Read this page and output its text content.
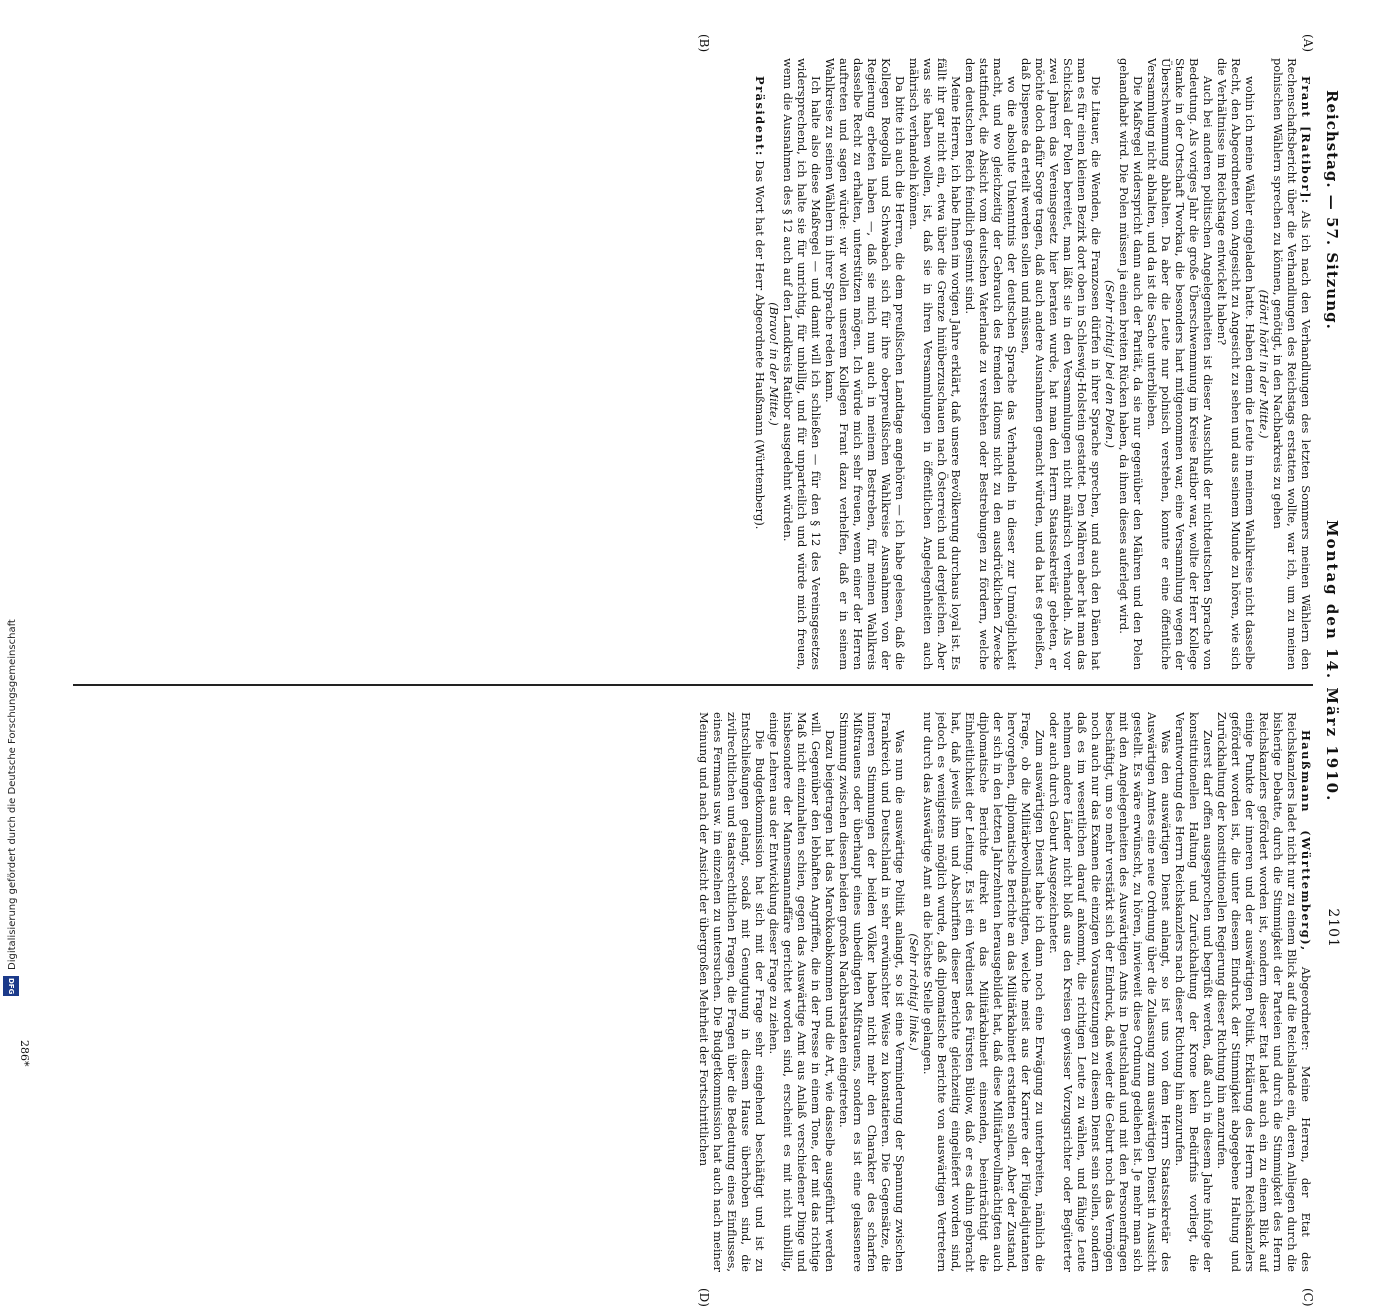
Digitalisierung gefördert durch die Deutsche Forschungsgemeinschaft
DFG
Reichstag. — 57. Sitzung.
Montag den 14. März 1910.
2101
(A)
(B)
(C)
(D)

Frant [Ratibor]: Als ich nach den Verhandlungen des letzten Sommers meinen Wählern den Rechenschaftsbericht über die Verhandlungen des Reichstags erstatten wollte, war ich, um zu meinen polnischen Wählern sprechen zu können, genötigt, in den Nachbarkreis zu gehen

(Hört! hört! in der Mitte.)

wohin ich meine Wähler eingeladen hatte. Haben denn die Leute in meinem Wahlkreise nicht dasselbe Recht, den Abgeordneten von Angesicht zu Angesicht zu sehen und aus seinem Munde zu hören, wie sich die Verhältnisse im Reichstage entwickelt haben?

Auch bei anderen politischen Angelegenheiten ist dieser Ausschluß der nichtdeutschen Sprache von Bedeutung. Als voriges Jahr die große Überschwemmung im Kreise Ratibor war, wollte der Herr Kollege Stanke in der Ortschaft Tworkau, die besonders hart mitgenommen war, eine Versammlung wegen der Überschwemmung abhalten. Da aber die Leute nur polnisch verstehen, konnte er eine öffentliche Versammlung nicht abhalten, und da ist die Sache unterblieben.

Die Maßregel widerspricht dann auch der Parität, da sie nur gegenüber den Mähren und den Polen gehandhabt wird. Die Polen müssen ja einen breiten Rücken haben, da ihnen dieses auferlegt wird.

(Sehr richtig! bei den Polen.)

Die Litauer, die Wenden, die Franzosen dürfen in ihrer Sprache sprechen, und auch den Dänen hat man es für einen kleinen Bezirk dort oben in Schleswig-Holstein gestattet. Den Mähren aber hat man das Schicksal der Polen bereitet, man läßt sie in den Versammlungen nicht mährisch verhandeln. Als vor zwei Jahren das Vereinsgesetz hier beraten wurde, hat man den Herrn Staatssekretär gebeten, er möchte doch dafür Sorge tragen, daß auch andere Ausnahmen gemacht würden, und da hat es geheißen, daß Dispense da erteilt werden sollen und müssen,

wo die absolute Unkenntnis der deutschen Sprache das Verhandeln in dieser zur Unmöglichkeit macht, und wo gleichzeitig der Gebrauch des fremden Idioms nicht zu den ausdrücklichen Zwecke stattfindet, die Absicht vom deutschen Vaterlande zu verstehen oder Bestrebungen zu fördern, welche dem deutschen Reich feindlich gesinnt sind.

Meine Herren, ich habe Ihnen im vorigen Jahre erklärt, daß unsere Bevölkerung durchaus loyal ist. Es fällt ihr gar nicht ein, etwa über die Grenze hinüberzuschauen nach Österreich und dergleichen. Aber was sie haben wollen, ist, daß sie in ihren Versammlungen in öffentlichen Angelegenheiten auch mährisch verhandeln können.

Da bitte ich auch die Herren, die dem preußischen Landtage angehören — ich habe gelesen, daß die Kollegen Roegolla und Schwabach sich für ihre oberpreußischen Wahlkreise Ausnahmen von der Regierung erbeten haben —, daß sie mich nun auch in meinem Bestreben, für meinen Wahlkreis dasselbe Recht zu erhalten, unterstützen mögen. Ich würde mich sehr freuen, wenn einer der Herren auftreten und sagen würde: wir wollen unserem Kollegen Frant dazu verhelfen, daß er in seinem Wahlkreise zu seinen Wählern in ihrer Sprache reden kann.

Ich halte also diese Maßregel — und damit will ich schließen — für den § 12 des Vereinsgesetzes widersprechend, ich halte sie für unrichtig, für unbillig, und für unparteilich und würde mich freuen, wenn die Ausnahmen des § 12 auch auf den Landkreis Ratibor ausgedehnt würden.

(Bravo! in der Mitte.)

Präsident: Das Wort hat der Herr Abgeordnete Haußmann (Württemberg).

Haußmann (Württemberg), Abgeordneter: Meine Herren, der Etat des Reichskanzlers ladet nicht nur zu einem Blick auf die Reichslande ein, deren Anliegen durch die bisherige Debatte, durch die Stimmigkeit der Parteien und durch die Stimmigkeit des Herrn Reichskanzlers gefördert worden ist, sondern dieser Etat ladet auch ein zu einem Blick auf einige Punkte der inneren und der auswärtigen Politik. Erklärung des Herrn Reichskanzlers gefördert worden ist, die unter diesem Eindruck der Stimmigkeit abgegebene Haltung und Zurückhaltung der konstitutionellen Regierung dieser Richtung hin anzurufen.

Zuerst darf offen ausgesprochen und begrüßt werden, daß auch in diesem Jahre infolge der konstitutionellen Haltung und Zurückhaltung der Krone kein Bedürfnis vorliegt, die Verantwortung des Herrn Reichskanzlers nach dieser Richtung hin anzurufen.

Was den auswärtigen Dienst anlangt, so ist uns von dem Herrn Staatssekretär des Auswärtigen Amtes eine neue Ordnung über die Zulassung zum auswärtigen Dienst in Aussicht gestellt. Es wäre erwünscht, zu hören, inwieweit diese Ordnung gediehen ist. Je mehr man sich mit den Angelegenheiten des Auswärtigen Amts in Deutschland und mit den Personenfragen beschäftigt, um so mehr verstärkt sich der Eindruck, daß weder die Geburt noch das Vermögen noch auch nur das Examen die einzigen Voraussetzungen zu diesem Dienst sein sollen, sondern daß es im wesentlichen darauf ankommt, die richtigen Leute zu wählen, und fähige Leute nehmen andere Länder nicht bloß aus den Kreisen gewisser Vorzugsrichter oder Begüterter oder auch durch Geburt Ausgezeichneter.

Zum auswärtigen Dienst habe ich dann noch eine Erwägung zu unterbreiten, nämlich die Frage, ob die Militärbevollmächtigten, welche meist aus der Karriere der Flügeladjutanten hervorgehen, diplomatische Berichte an das Militärkabinett erstatten sollen. Aber der Zustand, der sich in den letzten Jahrzehnten herausgebildet hat, daß diese Militärbevollmächtigten auch diplomatische Berichte direkt an das Militärkabinett einsenden, beeinträchtigt die Einheitlichkeit der Leitung. Es ist ein Verdienst des Fürsten Bülow, daß er es dahin gebracht hat, daß jeweils ihm und Abschriften dieser Berichte gleichzeitig eingeliefert worden sind, jedoch es wenigstens möglich wurde, daß diplomatische Berichte von auswärtigen Vertretern nur durch das Auswärtige Amt an die höchste Stelle gelangen.

(Sehr richtig! links.)

Was nun die auswärtige Politik anlangt, so ist eine Verminderung der Spannung zwischen Frankreich und Deutschland in sehr erwünschter Weise zu konstatieren. Die Gegensätze, die inneren Stimmungen der beiden Völker haben nicht mehr den Charakter des scharfen Mißtrauens oder überhaupt eines unbedingten Mißtrauens, sondern es ist eine gelassenere Stimmung zwischen diesen beiden großen Nachbarstaaten eingetreten.

Dazu beigetragen hat das Marokkoabkommen und die Art, wie dasselbe ausgeführt werden will. Gegenüber den lebhaften Angriffen, die in der Presse in einem Tone, der mit das richtige Maß nicht einzuhalten schien, gegen das Auswärtige Amt aus Anlaß verschiedener Dinge und insbesondere der Mannesmannaffäre gerichtet worden sind, erscheint es mit nicht unbillig, einige Lehren aus der Entwicklung dieser Frage zu ziehen.

Die Budgetkommission hat sich mit der Frage sehr eingehend beschäftigt und ist zu Entschließungen gelangt, sodaß mit Genugtuung in diesem Hause überhoben sind, die zivilrechtlichen und staatsrechtlichen Fragen, die Fragen über die Bedeutung eines Einflusses, eines Fermans usw. im einzelnen zu untersuchen. Die Budgetkommission hat auch nach meiner Meinung und nach der Ansicht der übergroßen Mehrheit der Fortschrittlichen

286*
